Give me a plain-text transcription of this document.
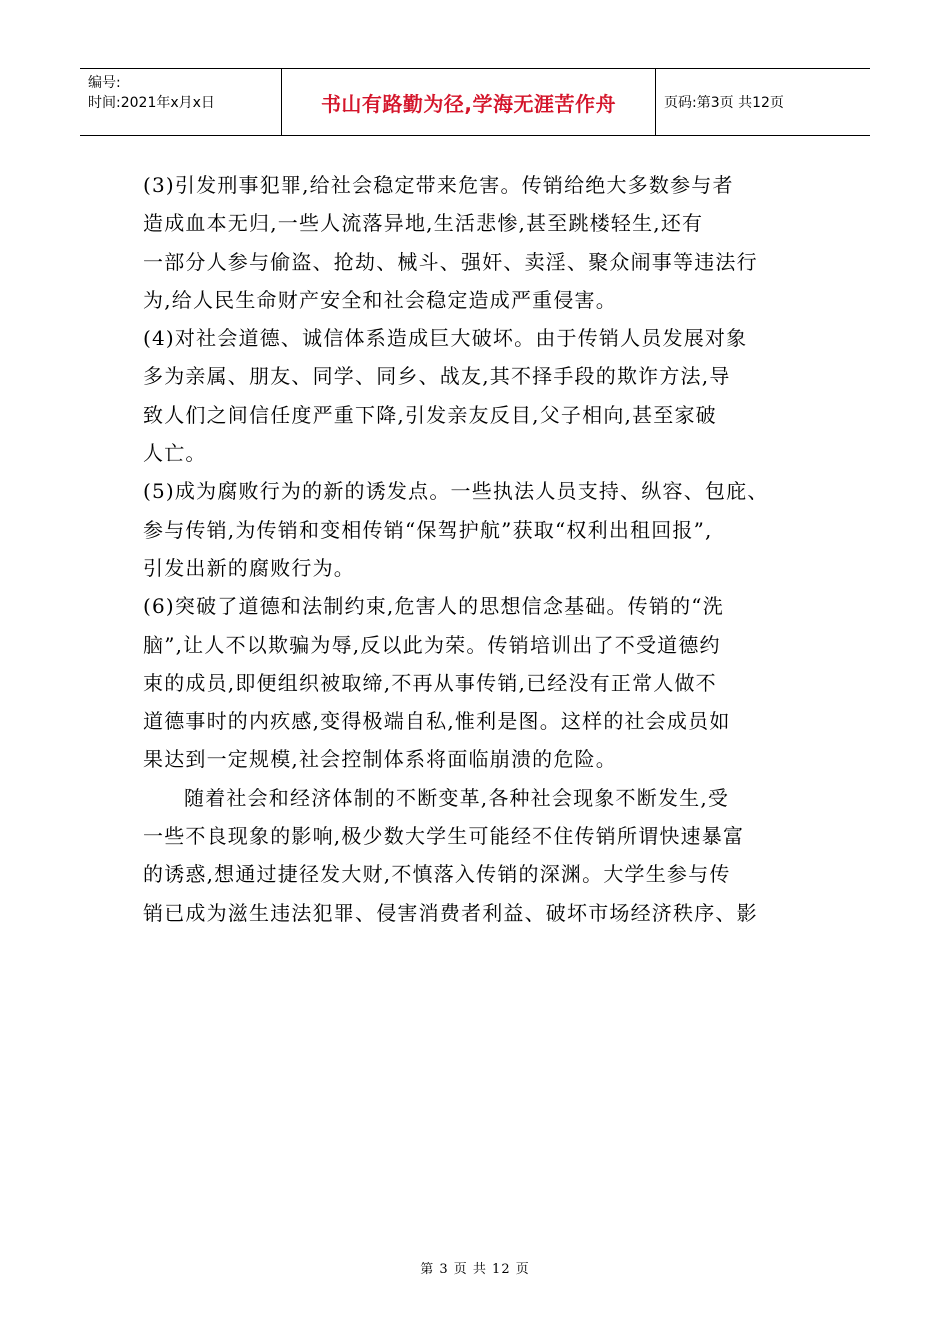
编号:
时间:2021年x月x日	书山有路勤为径,学海无涯苦作舟	页码:第3页 共12页
(3)引发刑事犯罪,给社会稳定带来危害。传销给绝大多数参与者
造成血本无归,一些人流落异地,生活悲惨,甚至跳楼轻生,还有
一部分人参与偷盗、抢劫、械斗、强奸、卖淫、聚众闹事等违法行
为,给人民生命财产安全和社会稳定造成严重侵害。
(4)对社会道德、诚信体系造成巨大破坏。由于传销人员发展对象
多为亲属、朋友、同学、同乡、战友,其不择手段的欺诈方法,导
致人们之间信任度严重下降,引发亲友反目,父子相向,甚至家破
人亡。
(5)成为腐败行为的新的诱发点。一些执法人员支持、纵容、包庇、
参与传销,为传销和变相传销“保驾护航”获取“权利出租回报”,
引发出新的腐败行为。
(6)突破了道德和法制约束,危害人的思想信念基础。传销的“洗
脑”,让人不以欺骗为辱,反以此为荣。传销培训出了不受道德约
束的成员,即便组织被取缔,不再从事传销,已经没有正常人做不
道德事时的内疚感,变得极端自私,惟利是图。这样的社会成员如
果达到一定规模,社会控制体系将面临崩溃的危险。
随着社会和经济体制的不断变革,各种社会现象不断发生,受
一些不良现象的影响,极少数大学生可能经不住传销所谓快速暴富
的诱惑,想通过捷径发大财,不慎落入传销的深渊。大学生参与传
销已成为滋生违法犯罪、侵害消费者利益、破坏市场经济秩序、影
第 3 页 共 12 页
